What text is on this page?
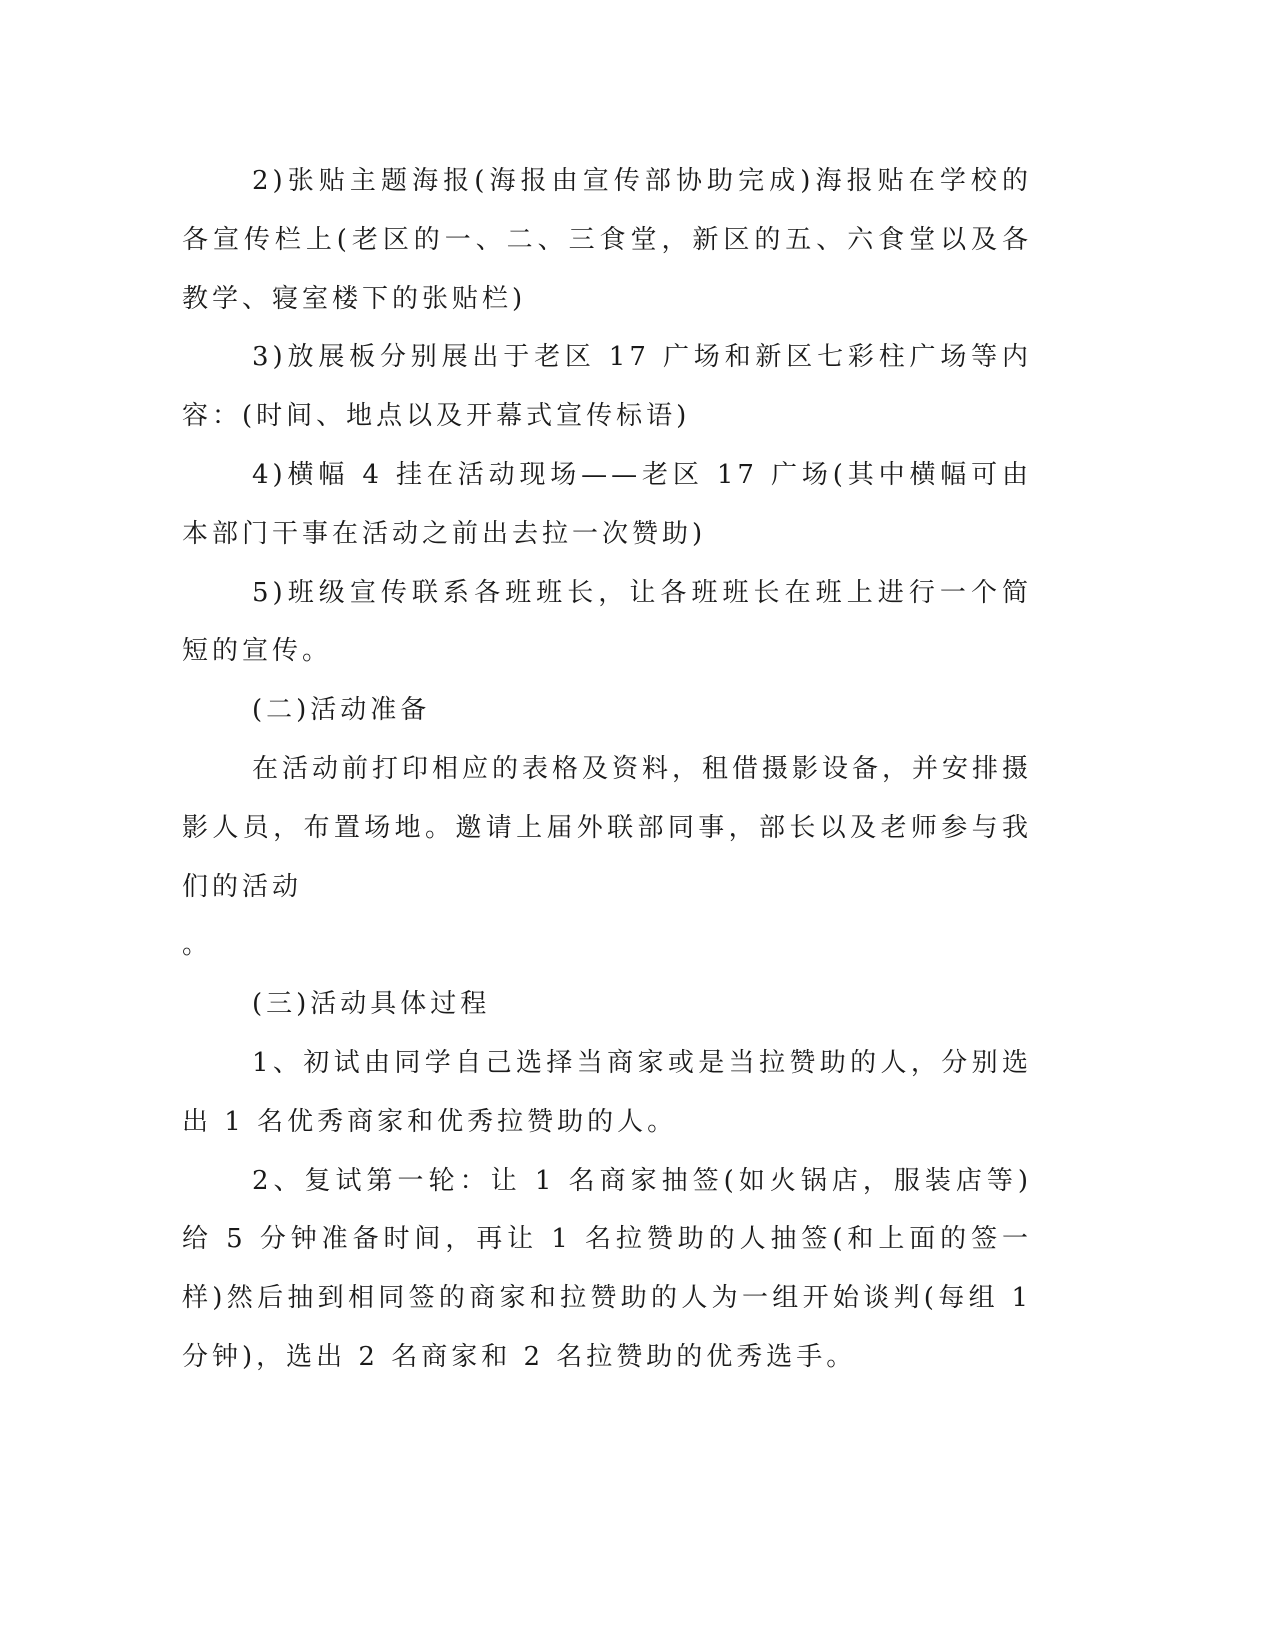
2)张贴主题海报(海报由宣传部协助完成)海报贴在学校的各宣传栏上(老区的一、二、三食堂，新区的五、六食堂以及各教学、寝室楼下的张贴栏)

3)放展板分别展出于老区 17 广场和新区七彩柱广场等内容：(时间、地点以及开幕式宣传标语)

4)横幅 4 挂在活动现场——老区 17 广场(其中横幅可由本部门干事在活动之前出去拉一次赞助)

5)班级宣传联系各班班长，让各班班长在班上进行一个简短的宣传。

(二)活动准备

在活动前打印相应的表格及资料，租借摄影设备，并安排摄影人员，布置场地。邀请上届外联部同事，部长以及老师参与我们的活动

。

(三)活动具体过程

1、初试由同学自己选择当商家或是当拉赞助的人，分别选出 1 名优秀商家和优秀拉赞助的人。

2、复试第一轮：让 1 名商家抽签(如火锅店，服装店等)给 5 分钟准备时间，再让 1 名拉赞助的人抽签(和上面的签一样)然后抽到相同签的商家和拉赞助的人为一组开始谈判(每组 1 分钟)，选出 2 名商家和 2 名拉赞助的优秀选手。
